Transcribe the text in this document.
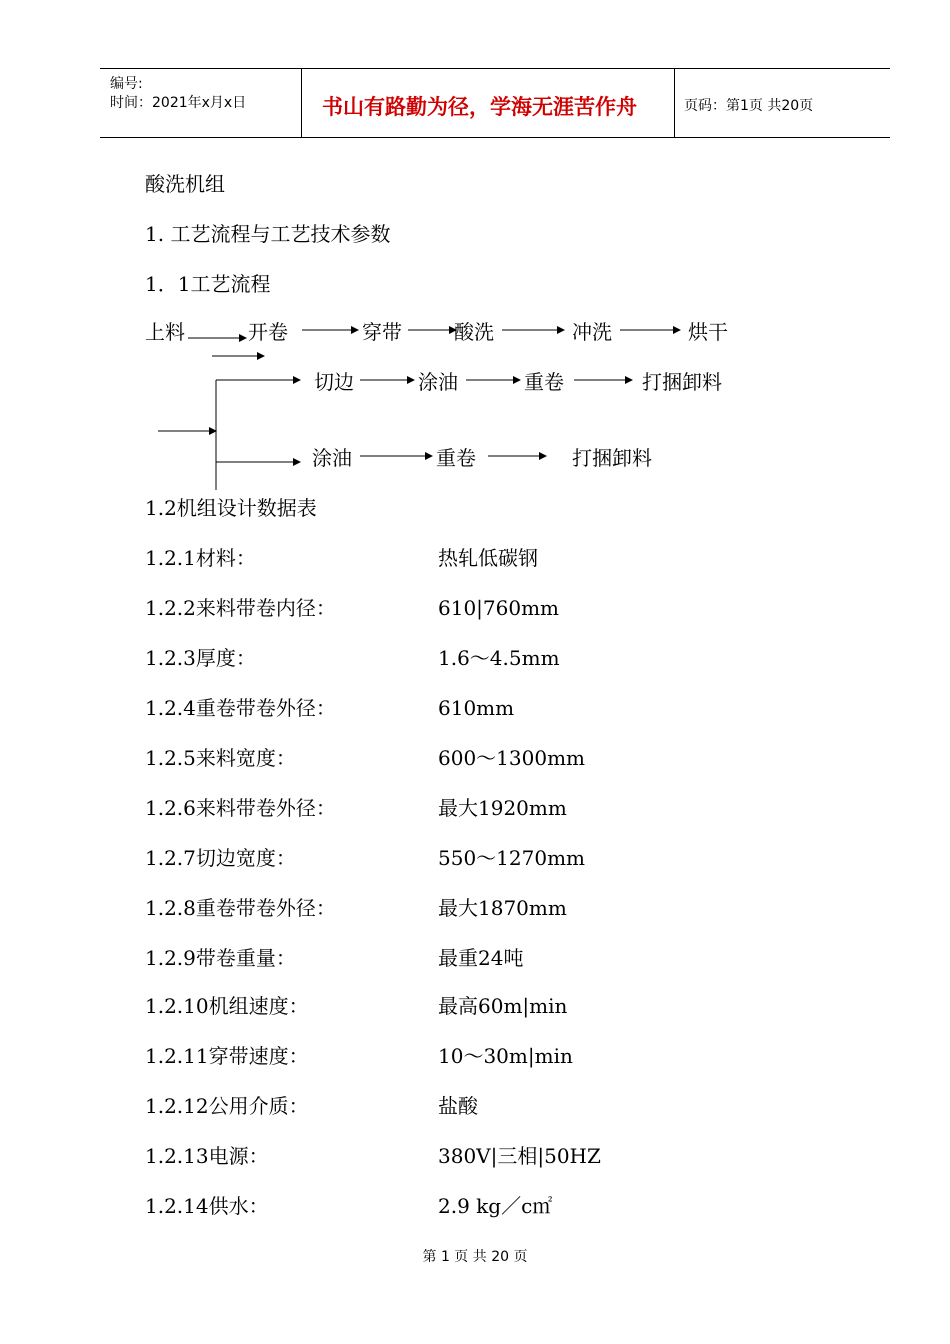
编号:
时间：2021年x月x日	书山有路勤为径，学海无涯苦作舟	页码：第1页 共20页
酸洗机组
1. 工艺流程与工艺技术参数
1．1工艺流程
上料	开卷	穿带	酸洗	冲洗	烘干
切边	涂油	重卷	打捆卸料
涂油	重卷	打捆卸料
1.2机组设计数据表
1.2.1材料：	热轧低碳钢
1.2.2来料带卷内径：	610|760mm
1.2.3厚度：	1.6～4.5mm
1.2.4重卷带卷外径：	610mm
1.2.5来料宽度：	600～1300mm
1.2.6来料带卷外径：	最大1920mm
1.2.7切边宽度：	550～1270mm
1.2.8重卷带卷外径：	最大1870mm
1.2.9带卷重量：	最重24吨
1.2.10机组速度：	最高60m|min
1.2.11穿带速度：	10～30m|min
1.2.12公用介质：	盐酸
1.2.13电源：	380V|三相|50HZ
1.2.14供水：	2.9 kg／c㎡
第 1 页 共 20 页
